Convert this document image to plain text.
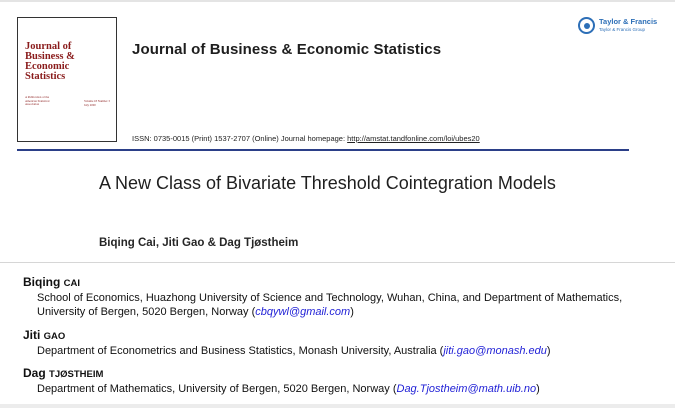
Journal of
Business &
Economic
Statistics
A Publication of the American Statistical Association
Volume 18 Number 3 July 2000
Journal of Business & Economic Statistics
Taylor & Francis
Taylor & Francis Group
ISSN: 0735-0015 (Print) 1537-2707 (Online) Journal homepage: http://amstat.tandfonline.com/loi/ubes20
A New Class of Bivariate Threshold Cointegration Models
Biqing Cai, Jiti Gao & Dag Tjøstheim
Biqing CAI
School of Economics, Huazhong University of Science and Technology, Wuhan, China, and Department of Mathematics, University of Bergen, 5020 Bergen, Norway (cbqywl@gmail.com)
Jiti GAO
Department of Econometrics and Business Statistics, Monash University, Australia (jiti.gao@monash.edu)
Dag TJØSTHEIM
Department of Mathematics, University of Bergen, 5020 Bergen, Norway (Dag.Tjostheim@math.uib.no)
